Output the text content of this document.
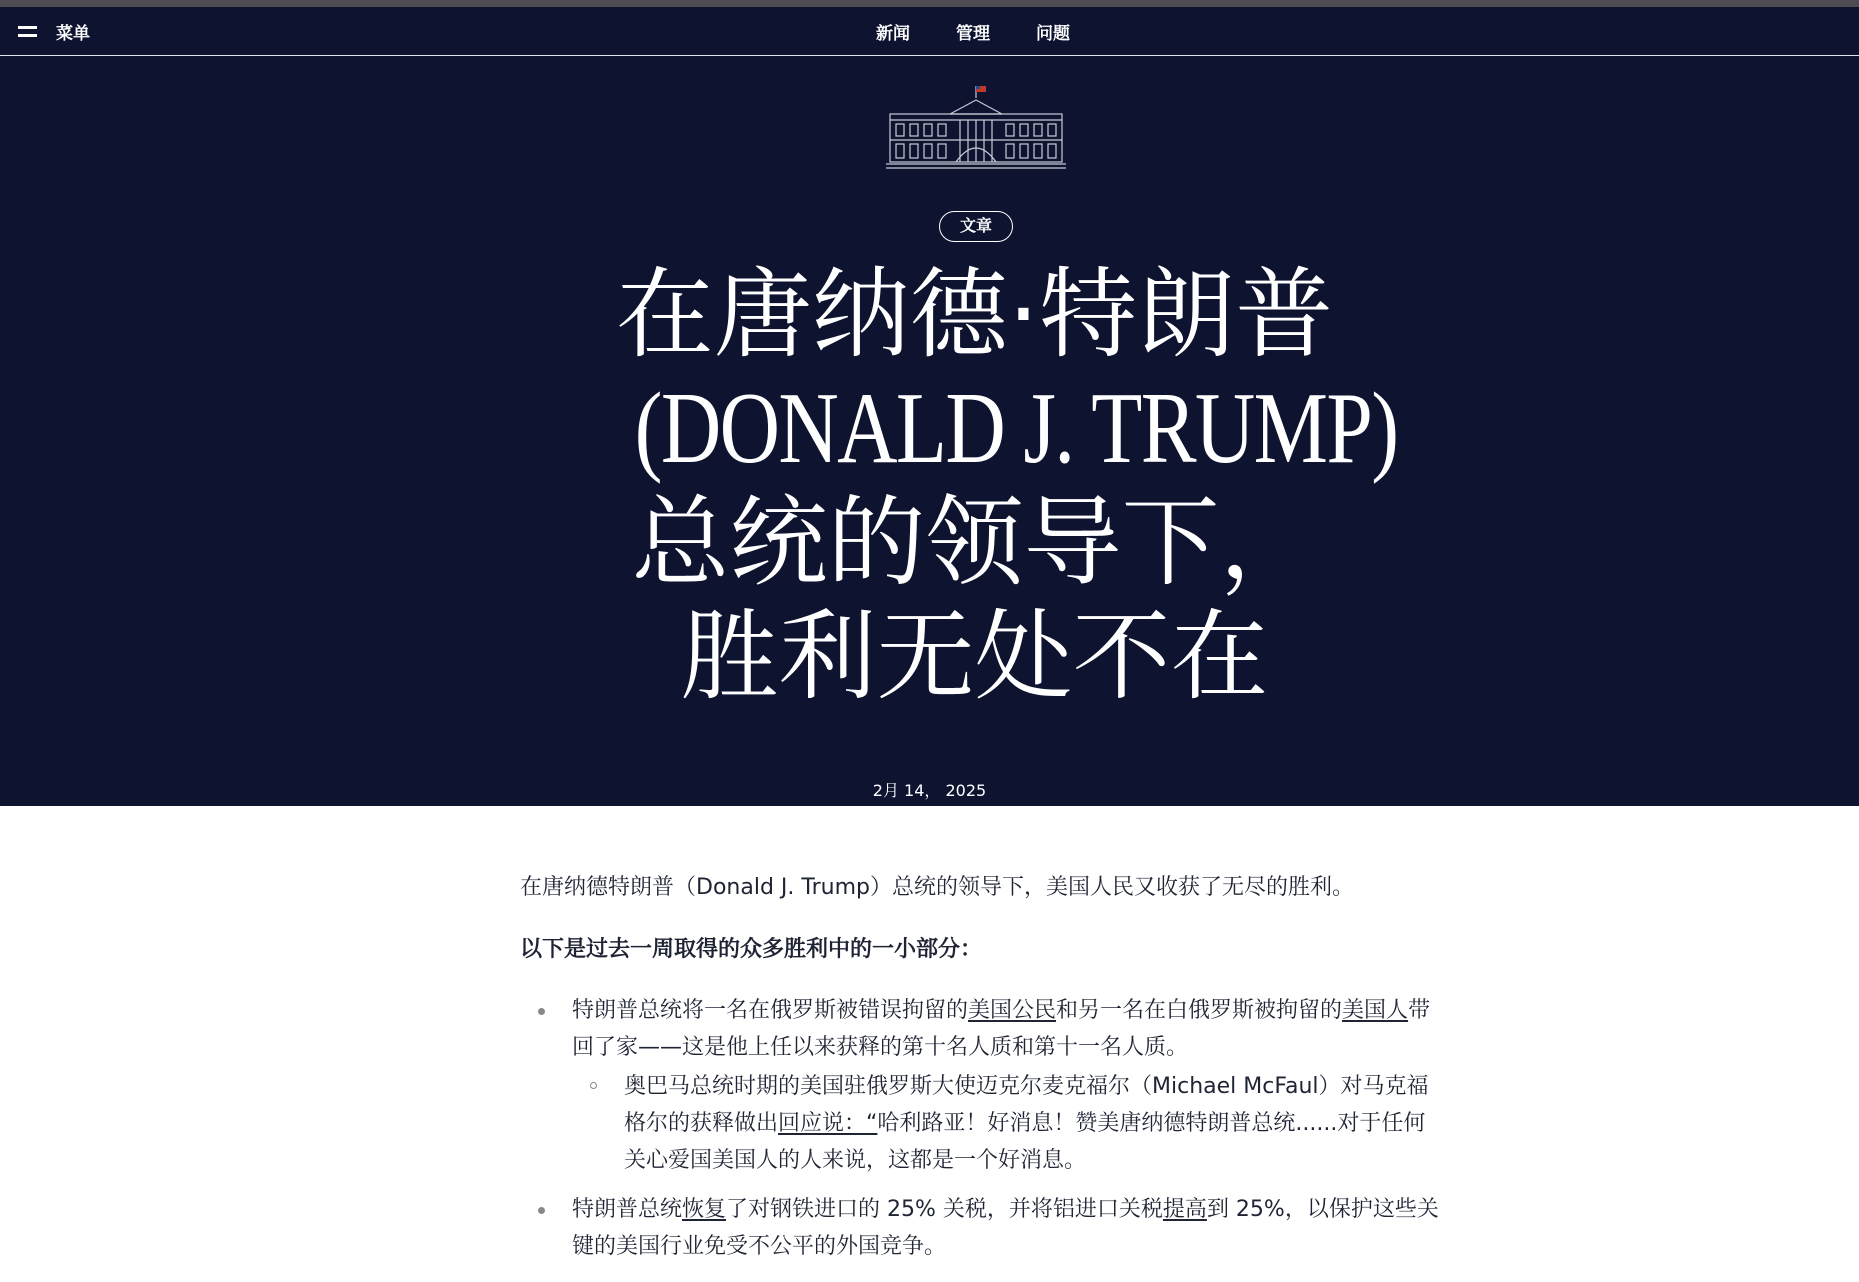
菜单	新闻	管理	问题
文章
在唐纳德·特朗普
(DONALD J. TRUMP)
总统的领导下，
胜利无处不在
2月 14， 2025

在唐纳德特朗普（Donald J. Trump）总统的领导下，美国人民又收获了无尽的胜利。

以下是过去一周取得的众多胜利中的一小部分：

特朗普总统将一名在俄罗斯被错误拘留的美国公民和另一名在白俄罗斯被拘留的美国人带回了家——这是他上任以来获释的第十名人质和第十一名人质。
奥巴马总统时期的美国驻俄罗斯大使迈克尔麦克福尔（Michael McFaul）对马克福格尔的获释做出回应说：“哈利路亚！好消息！赞美唐纳德特朗普总统......对于任何关心爱国美国人的人来说，这都是一个好消息。
特朗普总统恢复了对钢铁进口的 25% 关税，并将铝进口关税提高到 25%，以保护这些关键的美国行业免受不公平的外国竞争。
